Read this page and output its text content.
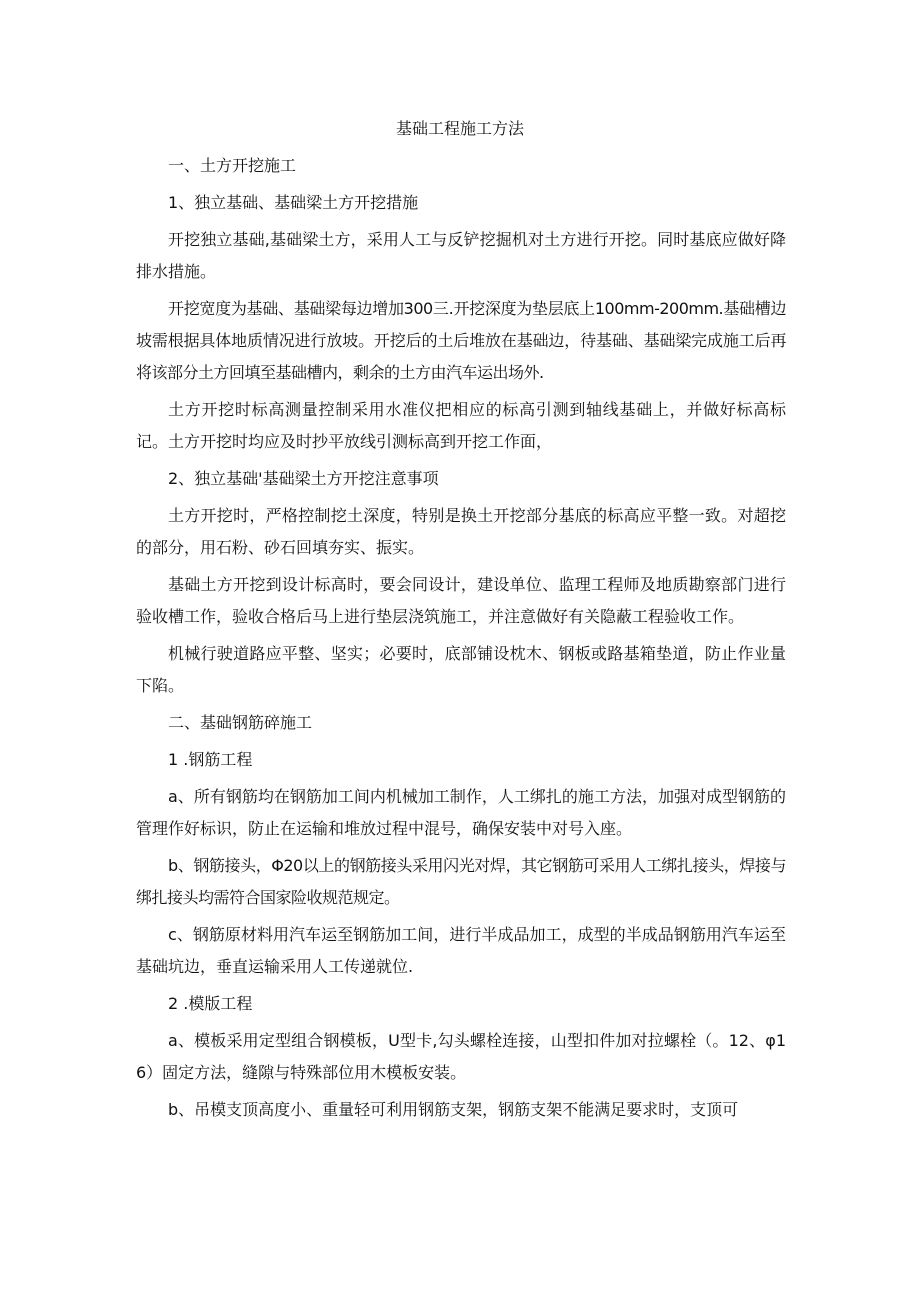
基础工程施工方法

一、土方开挖施工

1、独立基础、基础梁土方开挖措施

开挖独立基础,基础梁土方，采用人工与反铲挖掘机对土方进行开挖。同时基底应做好降排水措施。

开挖宽度为基础、基础梁每边增加300三.开挖深度为垫层底上100mm-200mm.基础槽边坡需根据具体地质情况进行放坡。开挖后的土后堆放在基础边，待基础、基础梁完成施工后再将该部分土方回填至基础槽内，剩余的土方由汽车运出场外.

土方开挖时标高测量控制采用水准仪把相应的标高引测到轴线基础上，并做好标高标记。土方开挖时均应及时抄平放线引测标高到开挖工作面，

2、独立基础'基础梁土方开挖注意事项

土方开挖时，严格控制挖土深度，特别是换土开挖部分基底的标高应平整一致。对超挖的部分，用石粉、砂石回填夯实、振实。

基础土方开挖到设计标高时，要会同设计，建设单位、监理工程师及地质勘察部门进行验收槽工作，验收合格后马上进行垫层浇筑施工，并注意做好有关隐蔽工程验收工作。

机械行驶道路应平整、坚实；必要时，底部铺设枕木、钢板或路基箱垫道，防止作业量下陷。

二、基础钢筋碎施工

1 .钢筋工程

a、所有钢筋均在钢筋加工间内机械加工制作，人工绑扎的施工方法，加强对成型钢筋的管理作好标识，防止在运输和堆放过程中混号，确保安装中对号入座。

b、钢筋接头，Φ20以上的钢筋接头采用闪光对焊，其它钢筋可采用人工绑扎接头，焊接与绑扎接头均需符合国家险收规范规定。

c、钢筋原材料用汽车运至钢筋加工间，进行半成品加工，成型的半成品钢筋用汽车运至基础坑边，垂直运输采用人工传递就位.

2 .模版工程

a、模板采用定型组合钢模板，U型卡,勾头螺栓连接，山型扣件加对拉螺栓（。12、φ16）固定方法，缝隙与特殊部位用木模板安装。

b、吊模支顶高度小、重量轻可利用钢筋支架，钢筋支架不能满足要求时，支顶可
